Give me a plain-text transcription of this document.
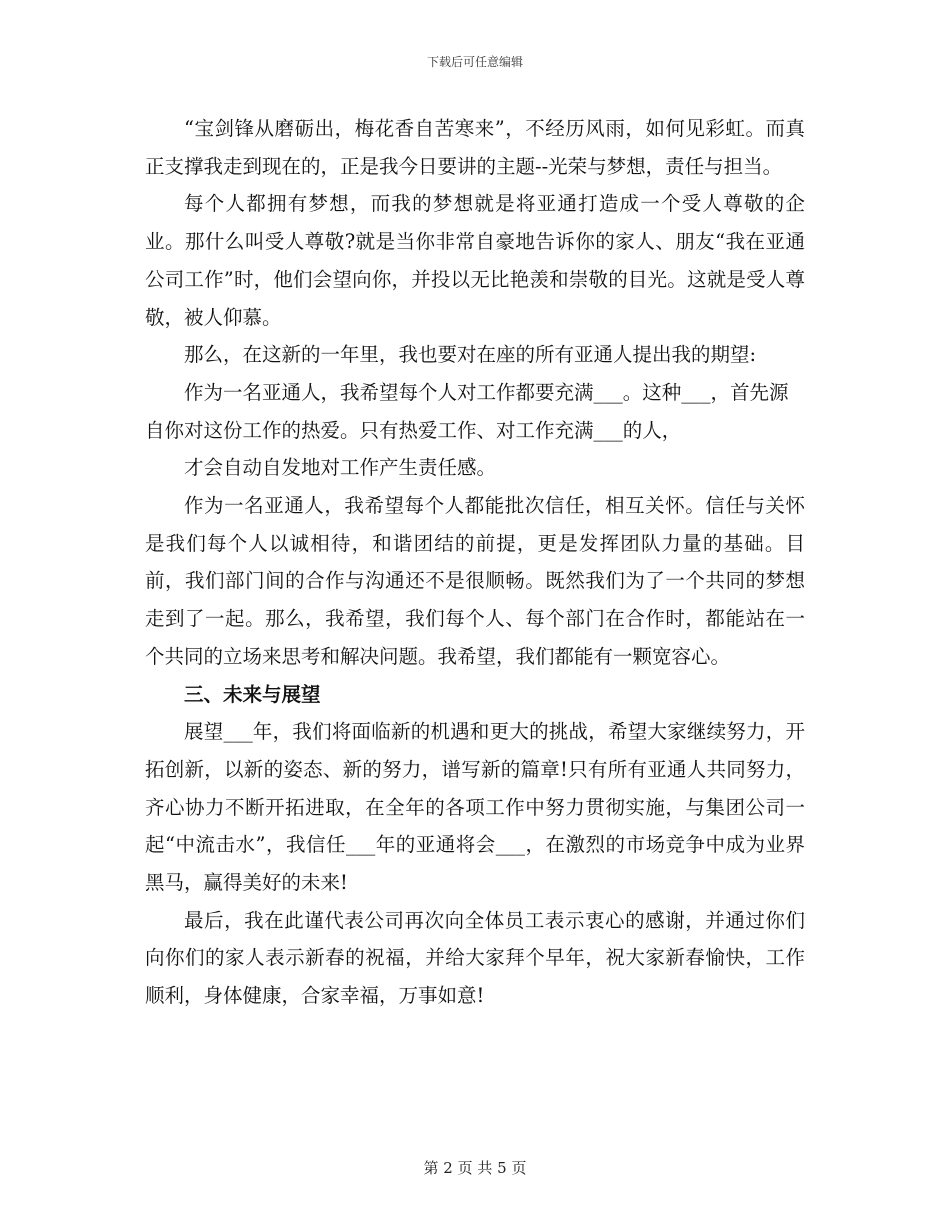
下载后可任意编辑

“宝剑锋从磨砺出，梅花香自苦寒来”，不经历风雨，如何见彩虹。而真正支撑我走到现在的，正是我今日要讲的主题--光荣与梦想，责任与担当。

每个人都拥有梦想，而我的梦想就是将亚通打造成一个受人尊敬的企业。那什么叫受人尊敬?就是当你非常自豪地告诉你的家人、朋友“我在亚通公司工作”时，他们会望向你，并投以无比艳羡和崇敬的目光。这就是受人尊敬，被人仰慕。

那么，在这新的一年里，我也要对在座的所有亚通人提出我的期望:

作为一名亚通人，我希望每个人对工作都要充满___。这种___，首先源自你对这份工作的热爱。只有热爱工作、对工作充满___的人，
才会自动自发地对工作产生责任感。

作为一名亚通人，我希望每个人都能批次信任，相互关怀。信任与关怀是我们每个人以诚相待，和谐团结的前提，更是发挥团队力量的基础。目前，我们部门间的合作与沟通还不是很顺畅。既然我们为了一个共同的梦想走到了一起。那么，我希望，我们每个人、每个部门在合作时，都能站在一个共同的立场来思考和解决问题。我希望，我们都能有一颗宽容心。

三、未来与展望

展望___年，我们将面临新的机遇和更大的挑战，希望大家继续努力，开拓创新，以新的姿态、新的努力，谱写新的篇章!只有所有亚通人共同努力，齐心协力不断开拓进取，在全年的各项工作中努力贯彻实施，与集团公司一起“中流击水”，我信任___年的亚通将会___，在激烈的市场竞争中成为业界黑马，赢得美好的未来!

最后，我在此谨代表公司再次向全体员工表示衷心的感谢，并通过你们向你们的家人表示新春的祝福，并给大家拜个早年，祝大家新春愉快，工作顺利，身体健康，合家幸福，万事如意!

第 2 页 共 5 页
